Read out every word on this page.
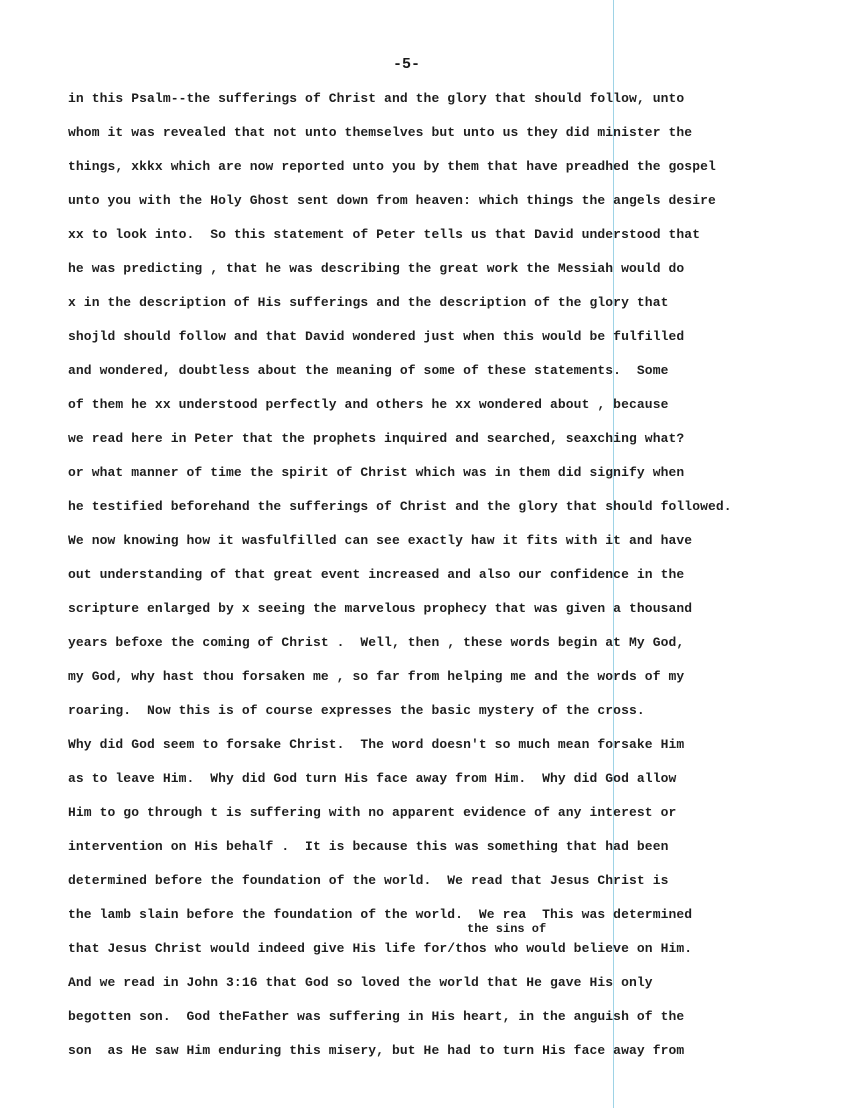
-5-
in this Psalm--the sufferings of Christ and the glory that should follow, unto
whom it was revealed that not unto themselves but unto us they did minister the
things, xkkx which are now reported unto you by them that have preadhed the gospel
unto you with the Holy Ghost sent down from heaven: which things the angels desire
xx to look into.  So this statement of Peter tells us that David understood that
he was predicting , that he was describing the great work the Messiah would do
x in the description of His sufferings and the description of the glory that
shojld should follow and that David wondered just when this would be fulfilled
and wondered, doubtless about the meaning of some of these statements.  Some
of them he xx understood perfectly and others he xx wondered about , because
we read here in Peter that the prophets inquired and searched, seaxching what?
or what manner of time the spirit of Christ which was in them did signify when
he testified beforehand the sufferings of Christ and the glory that should followed.
We now knowing how it wasfulfilled can see exactly haw it fits with it and have
out understanding of that great event increased and also our confidence in the
scripture enlarged by x seeing the marvelous prophecy that was given a thousand
years befoxe the coming of Christ .  Well, then , these words begin at My God,
my God, why hast thou forsaken me , so far from helping me and the words of my
roaring.  Now this is of course expresses the basic mystery of the cross.
Why did God seem to forsake Christ.  The word doesn't so much mean forsake Him
as to leave Him.  Why did God turn His face away from Him.  Why did God allow
Him to go through t is suffering with no apparent evidence of any interest or
intervention on His behalf .  It is because this was something that had been
determined before the foundation of the world.  We read that Jesus Christ is
the lamb slain before the foundation of the world.  We rea  This was determined
the sins of
that Jesus Christ would indeed give His life for/thos who would believe on Him.
And we read in John 3:16 that God so loved the world that He gave His only
begotten son.  God theFather was suffering in His heart, in the anguish of the
son  as He saw Him enduring this misery, but He had to turn His face away from
